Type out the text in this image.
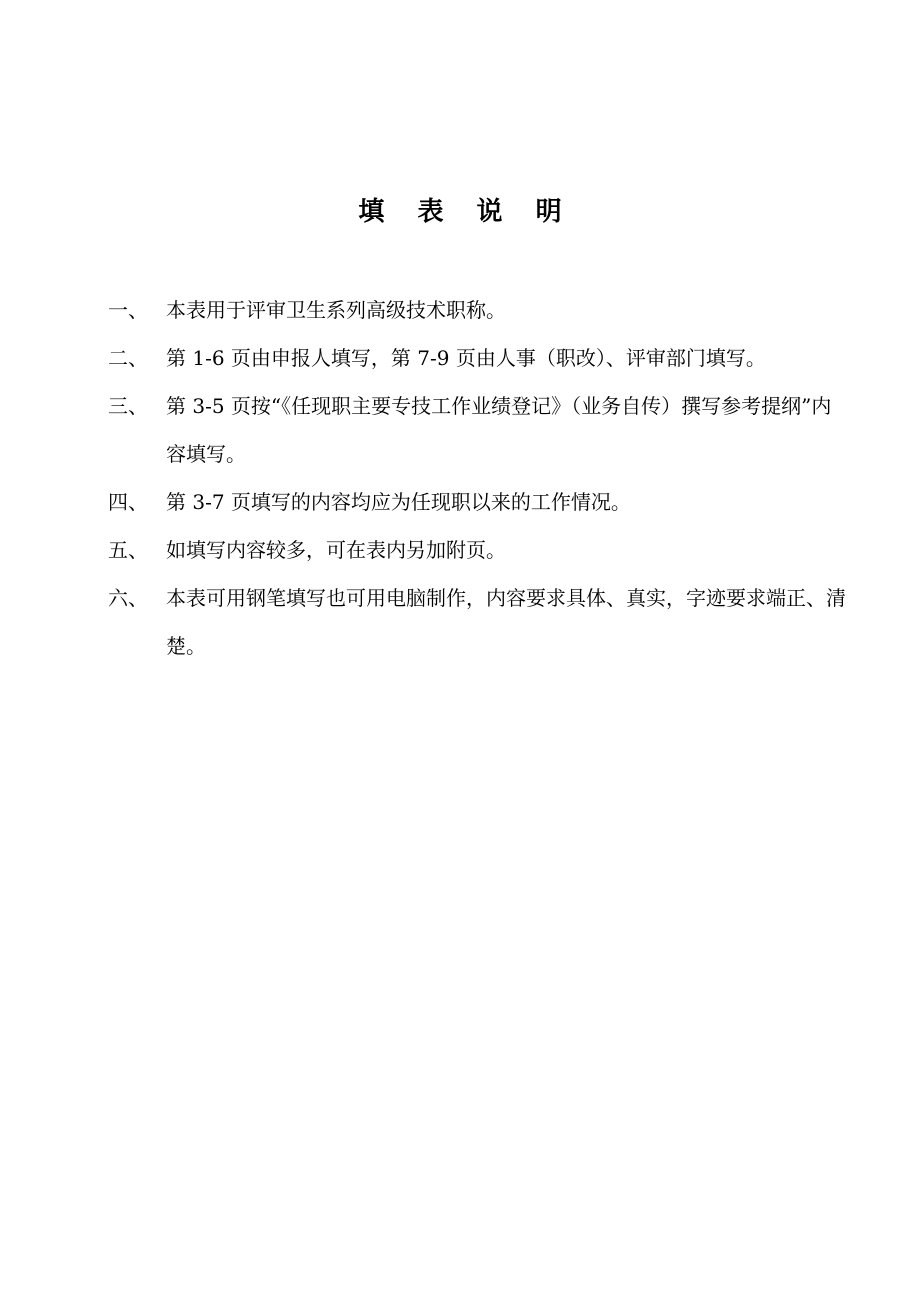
填 表 说 明
一、 本表用于评审卫生系列高级技术职称。
二、 第 1-6 页由申报人填写，第 7-9 页由人事（职改）、评审部门填写。
三、 第 3-5 页按“《任现职主要专技工作业绩登记》（业务自传）撰写参考提纲”内容填写。
四、 第 3-7 页填写的内容均应为任现职以来的工作情况。
五、 如填写内容较多，可在表内另加附页。
六、 本表可用钢笔填写也可用电脑制作，内容要求具体、真实，字迹要求端正、清楚。
